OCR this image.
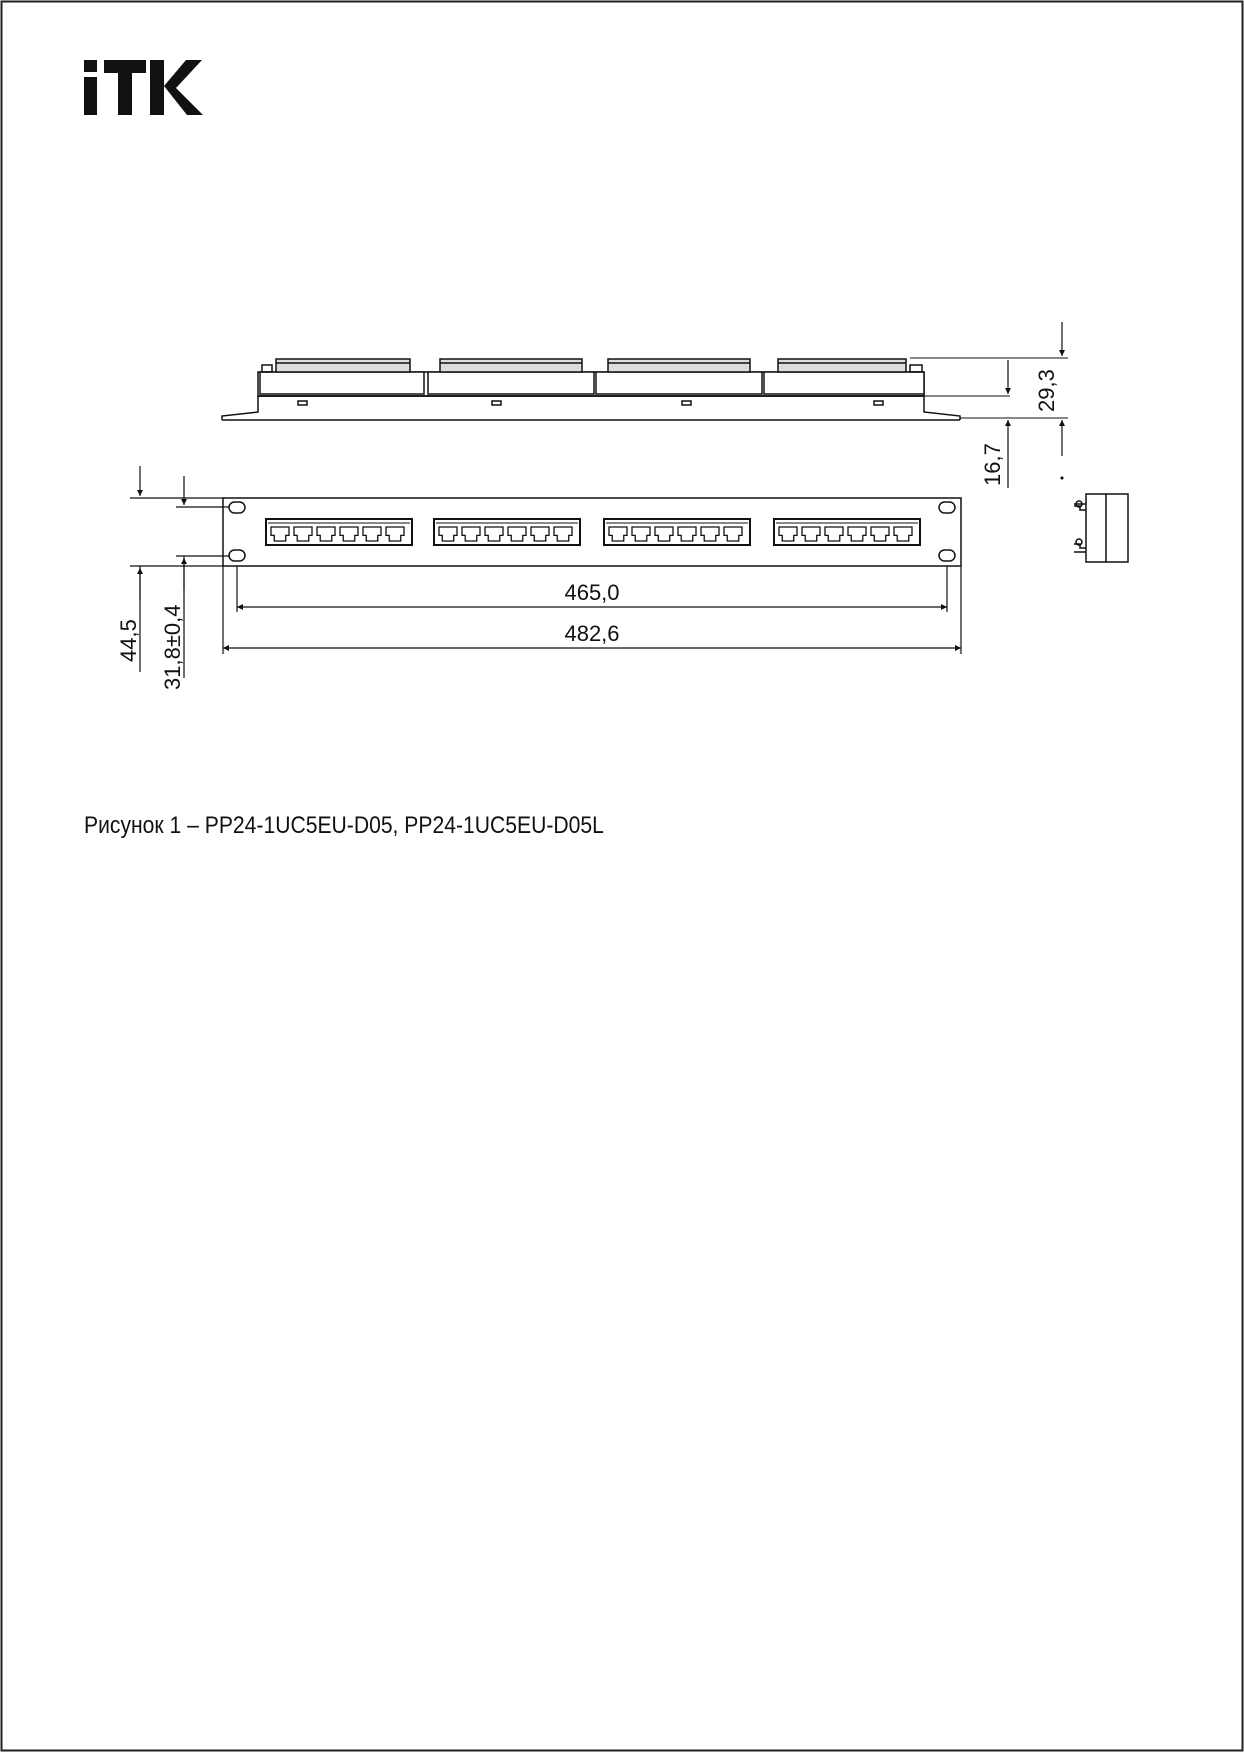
29,3
16,7
465,0
482,6
44,5 31,8±0,4
Рисунок 1 – PP24-1UC5EU-D05, PP24-1UC5EU-D05L
